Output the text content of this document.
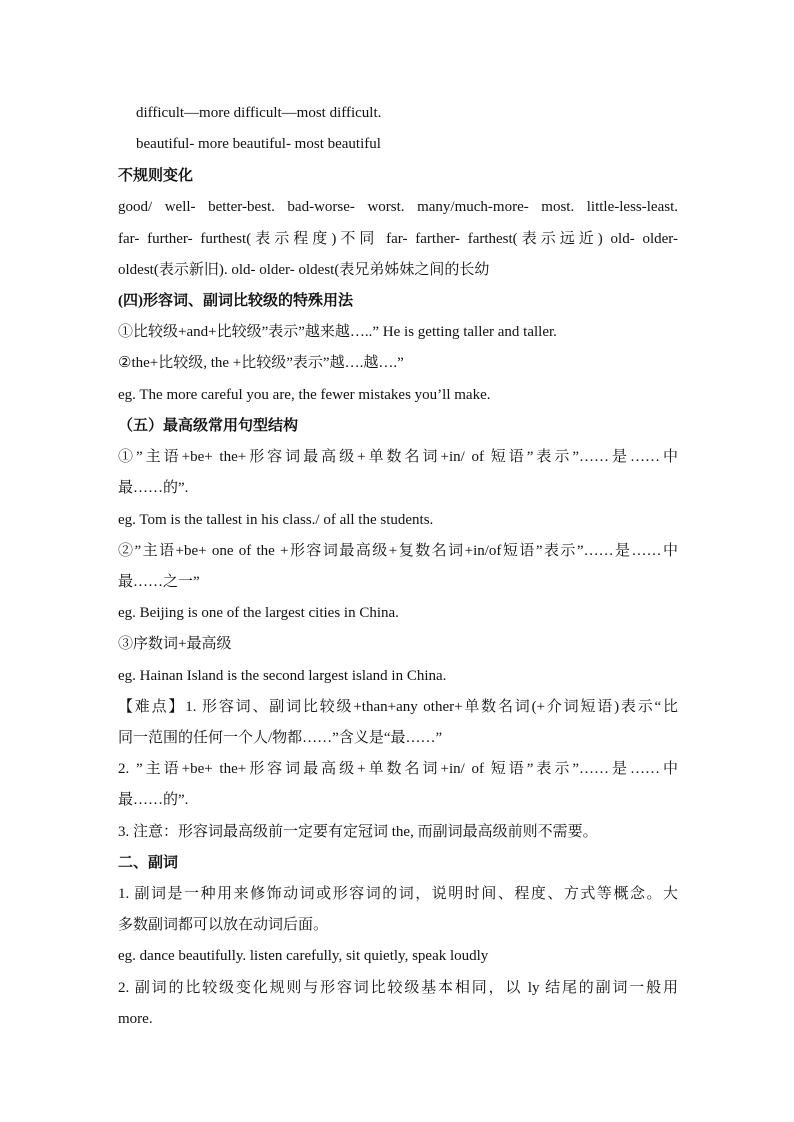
difficult—more difficult—most difficult.
beautiful- more beautiful- most beautiful
不规则变化
good/ well- better-best. bad-worse- worst. many/much-more- most. little-less-least.
far- further- furthest(表示程度)不同 far- farther- farthest(表示远近) old- older-
oldest(表示新旧). old- older- oldest(表兄弟姊妹之间的长幼
(四)形容词、副词比较级的特殊用法
①比较级+and+比较级”表示”越来越…..” He is getting taller and taller.
②the+比较级, the +比较级”表示”越….越….”
eg. The more careful you are, the fewer mistakes you’ll make.
（五）最高级常用句型结构
①”主语+be+ the+形容词最高级+单数名词+in/ of 短语”表示”……是……中
最……的”.
eg. Tom is the tallest in his class./ of all the students.
②”主语+be+ one of the +形容词最高级+复数名词+in/of短语”表示”……是……中
最……之一”
eg. Beijing is one of the largest cities in China.
③序数词+最高级
eg. Hainan Island is the second largest island in China.
【难点】1. 形容词、副词比较级+than+any other+单数名词(+介词短语)表示“比
同一范围的任何一个人/物都……”含义是“最……”
2. ”主语+be+ the+形容词最高级+单数名词+in/ of 短语”表示”……是……中
最……的”.
3. 注意：形容词最高级前一定要有定冠词 the, 而副词最高级前则不需要。
二、副词
1. 副词是一种用来修饰动词或形容词的词，说明时间、程度、方式等概念。大
多数副词都可以放在动词后面。
eg. dance beautifully. listen carefully, sit quietly, speak loudly
2. 副词的比较级变化规则与形容词比较级基本相同，以 ly 结尾的副词一般用
more.
